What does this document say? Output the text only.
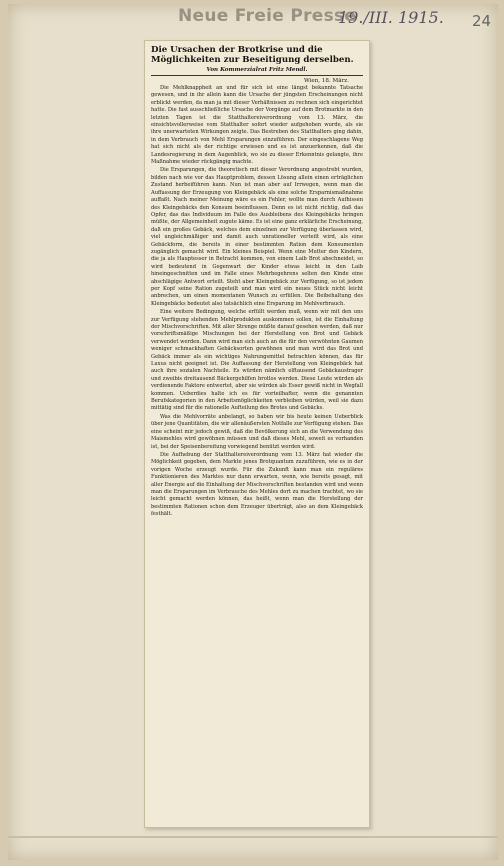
Neue Freie Presse
19./III. 1915. 24
Die Ursachen der Brotkrise und die Möglichkeiten zur Beseitigung derselben.
Von Kommerzialrat Fritz Mendl.
Wien, 18. März.

Die Mehlknappheit an und für sich ist eine längst bekannte Tatsache gewesen, und in ihr allein kann die Ursache der jüngsten Erscheinungen nicht erblickt werden, da man ja mit dieser Verhältnissen zu rechnen sich eingerichtet hatte. Die fast ausschließliche Ursache der Vorgänge auf dem Brotmarkte in den letzten Tagen ist die Statthaltereiverordnung vom 13. März, die einsichtsvollerweise vom Statthalter sofort wieder aufgehoben wurde, als sie ihre unerwarteten Wirkungen zeigte. Das Bestreben des Statthalters ging dahin, in dem Verbrauch von Mehl Ersparungen einzuführen. Der eingeschlagene Weg hat sich nicht als der richtige erwiesen und es ist anzuerkennen, daß die Landesregierung in dem Augenblick, wo sie zu dieser Erkenntnis gelangte, ihre Maßnahme wieder rückgängig machte.

Die Ersparungen, die theoretisch mit dieser Verordnung angestrebt wurden, bilden nach wie vor das Hauptproblem, dessen Lösung allein einen erträglichen Zustand herbeiführen kann. Nun ist man aber auf Irrwegen, wenn man die Auffassung der Erzeugung von Kleingebäck als eine solche Ersparnismaßnahme auffaßt. Nach meiner Meinung wäre es ein Fehler, wollte man durch Aufhissen des Kleingebäcks den Konsum beeinflussen. Denn es ist nicht richtig, daß das Opfer, das das Individuum im Falle des Ausbleibens des Kleingebäcks bringen müßte, der Allgemeinheit zugute käme. Es ist eine ganz erklärliche Erscheinung, daß ein großes Gebäck, welches dem einzelnen zur Verfügung überlassen wird, viel ungleichmäßiger und damit auch unrationeller verteilt wird, als eine Gebäckform, die bereits in einer bestimmten Ration dem Konsumenten zugänglich gemacht wird. Ein kleines Beispiel. Wenn eine Mutter den Kindern, die ja als Hauptesser in Betracht kommen, von einem Laib Brot abschneidet, so wird bedeutend in Gegenwart der Kinder etwas leicht in den Laib hineingeschnitten und im Falle eines Mehrbegehrens selten den Kinde eine abschlägige Antwort erteilt. Steht aber Kleingebäck zur Verfügung, so ist jedem per Kopf seine Ration zugeteilt und man wird ein neues Stück nicht leicht anbrechen, um einen momentanen Wunsch zu erfüllen. Die Beibehaltung des Kleingebäcks bedeutet also tatsächlich eine Ersparung im Mehlverbrauch.

Eine weitere Bedingung, welche erfüllt werden muß, wenn wir mit den uns zur Verfügung stehenden Mehlprodukten auskommen sollen, ist die Einhaltung der Mischvorschriften. Mit aller Strenge müßte darauf gesehen werden, daß nur vorschriftsmäßige Mischungen bei der Herstellung von Brot und Gebäck verwendet werden. Dann wird man sich auch an die für den verwöhnten Gaumen weniger schmackhaften Gebäcksorten gewöhnen und man wird das Brot und Gebäck immer als ein wichtiges Nahrungsmittel betrachten können, das für Luxus nicht geeignet ist. Die Auffassung der Herstellung von Kleingebäck hat auch ihre sozialen Nachteile. Es würden nämlich elftausend Gebäckaustrager und zweibis dreitausend Bäckergehilfen brotlos werden. Diese Leute würden als verdienende Faktore entwertet, aber sie würden als Esser gewiß nicht in Wegfall kommen. Ueberdies halte ich es für vorteilhafter, wenn die genannten Berufskategorien in den Arbeitsmöglichkeiten verbleiben würden, weil sie dazu mittätig sind für die rationelle Aufteilung des Brotes und Gebäcks.

Was die Mehlvorräte anbelangt, so haben wir bis heute keinen Ueberblick über jene Quantitäten, die wir allenäußersten Notfalle zur Verfügung stehen. Das eine scheint mir jedoch gewiß, daß die Bevölkerung sich an die Verwendung des Maismehles wird gewöhnen müssen und daß dieses Mehl, soweit es vorhanden ist, bei der Speisenbereitung vorwiegend benützt werden wird.

Die Aufhebung der Statthaltereiverordnung vom 13. März hat wieder die Möglichkeit gegeben, dem Markte jenes Brotquantum zuzuführen, wie es in der vorigen Woche erzeugt wurde. Für die Zukunft kann man ein reguläres Funktionieren des Marktes nur dann erwarten, wenn, wie bereits gesagt, mit aller Energie auf die Einhaltung der Mischvorschriften bestanden wird und wenn man die Ersparungen im Verbrauche des Mehles dort zu machen trachtet, wo sie leicht gemacht werden können, das heißt, wenn man die Herstellung der bestimmten Rationen schon dem Erzeuger überträgt, also an dem Kleingebäck festhält.
